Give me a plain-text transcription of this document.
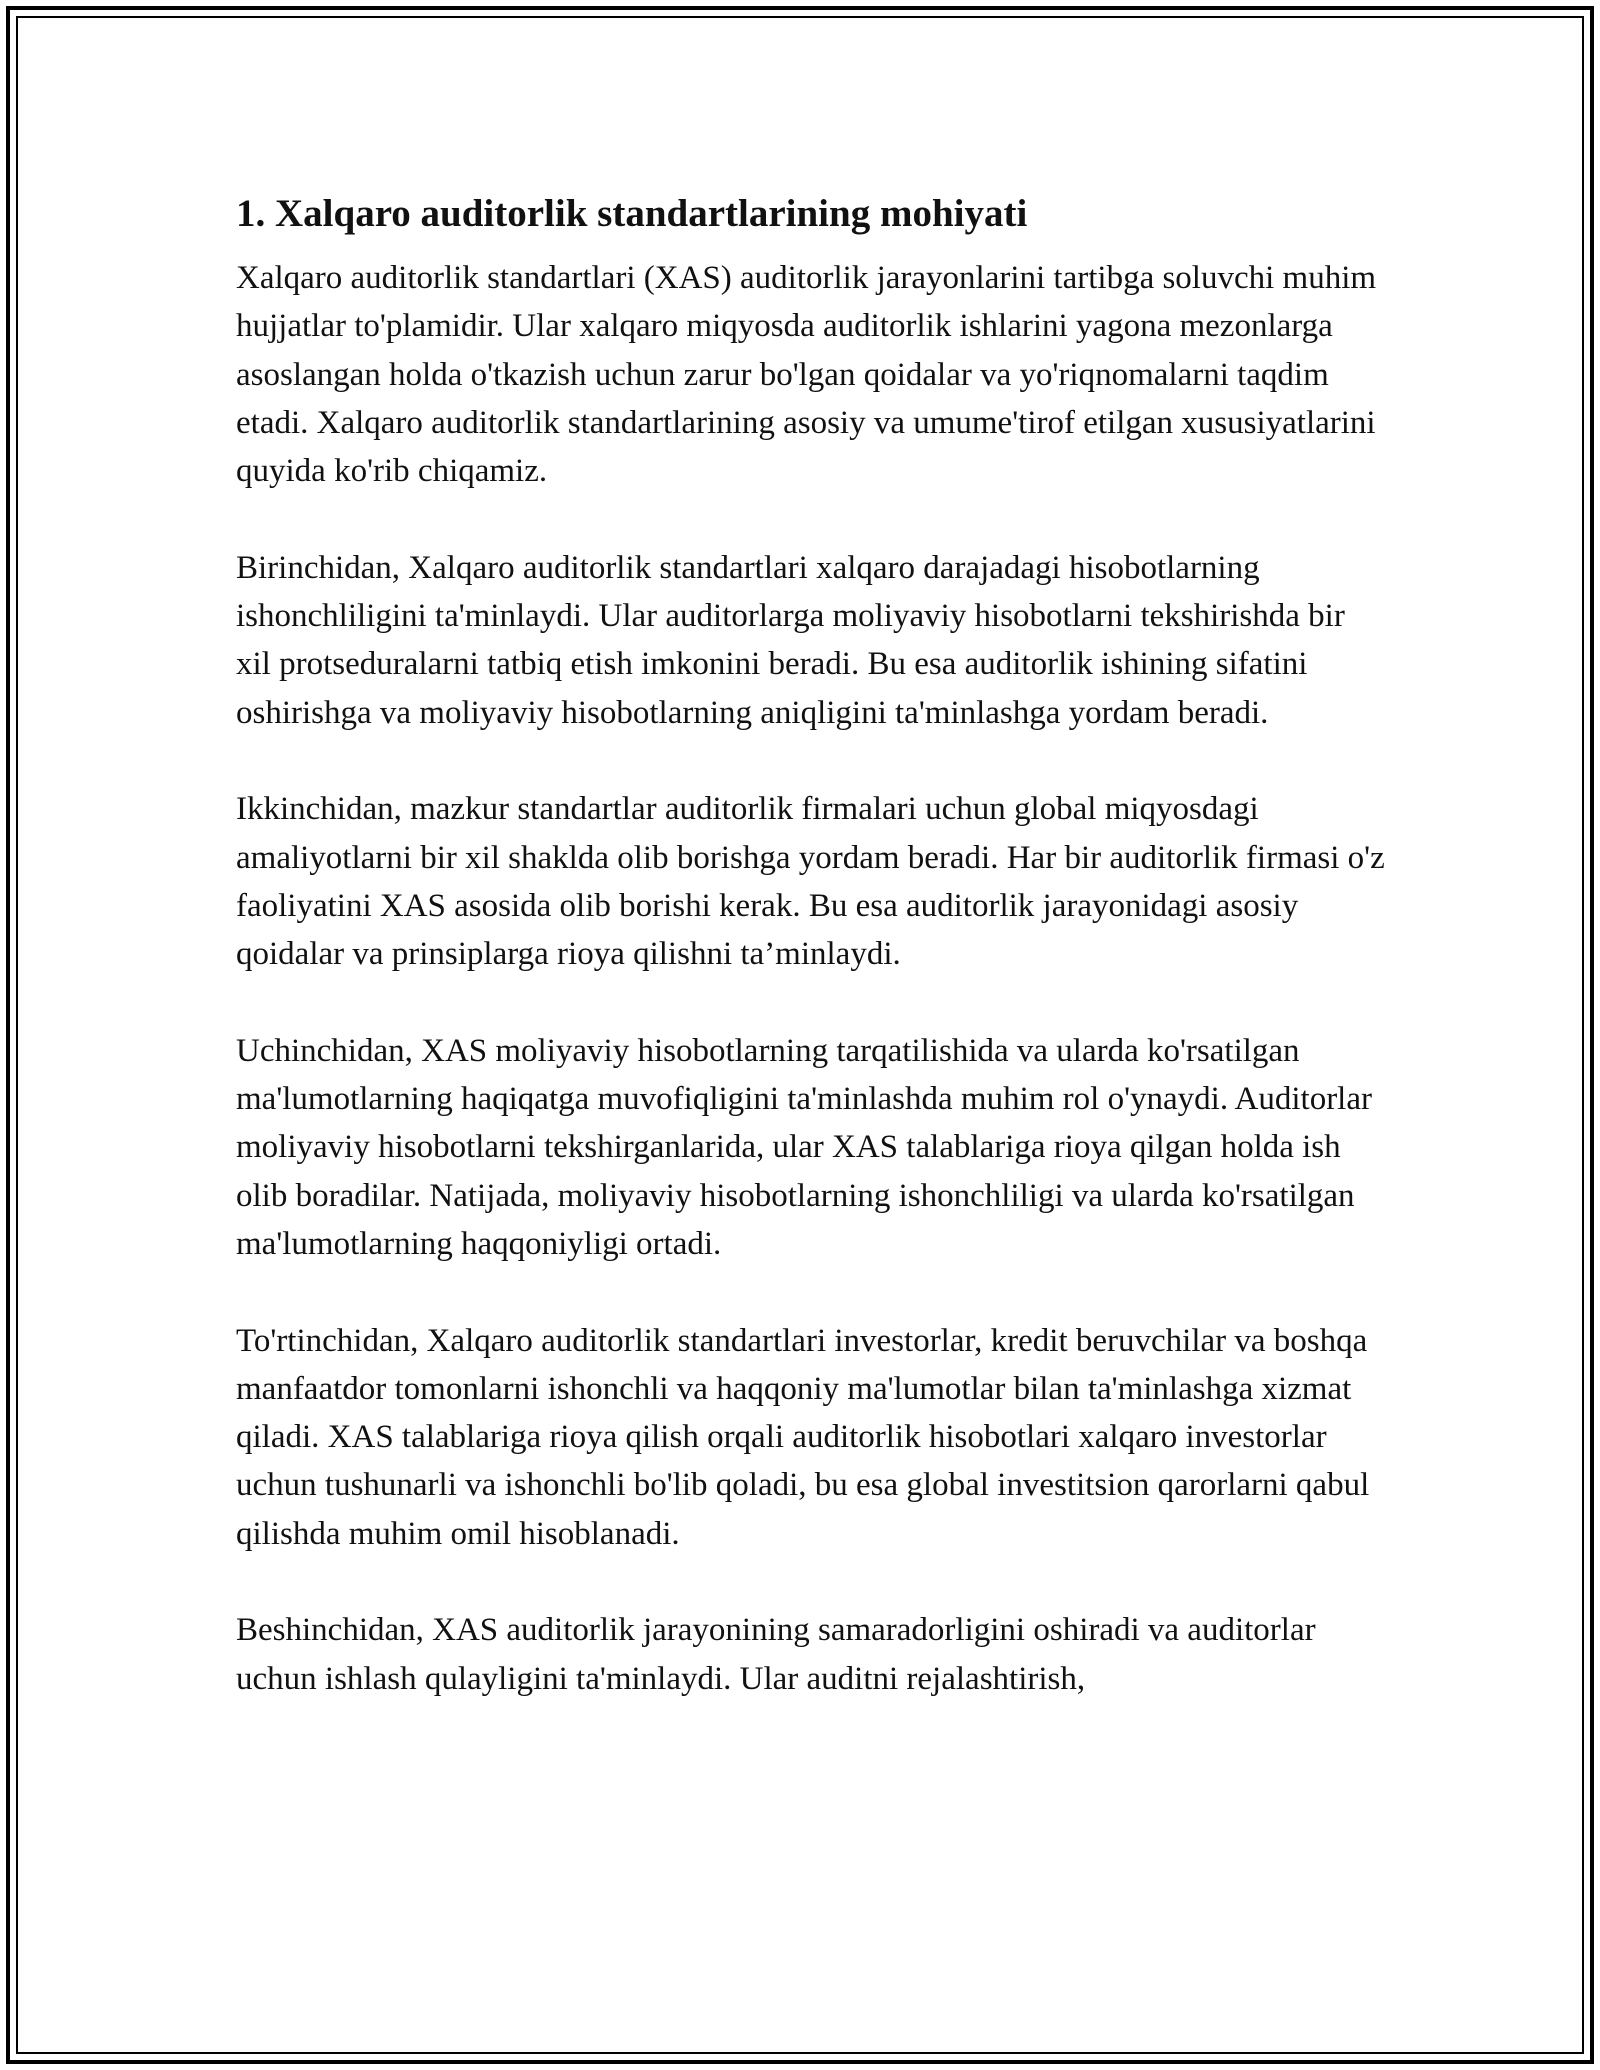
1. Xalqaro auditorlik standartlarining mohiyati

Xalqaro auditorlik standartlari (XAS) auditorlik jarayonlarini tartibga soluvchi muhim hujjatlar to'plamidir. Ular xalqaro miqyosda auditorlik ishlarini yagona mezonlarga asoslangan holda o'tkazish uchun zarur bo'lgan qoidalar va yo'riqnomalarni taqdim etadi. Xalqaro auditorlik standartlarining asosiy va umume'tirof etilgan xususiyatlarini quyida ko'rib chiqamiz.

Birinchidan, Xalqaro auditorlik standartlari xalqaro darajadagi hisobotlarning ishonchliligini ta'minlaydi. Ular auditorlarga moliyaviy hisobotlarni tekshirishda bir xil protseduralarni tatbiq etish imkonini beradi. Bu esa auditorlik ishining sifatini oshirishga va moliyaviy hisobotlarning aniqligini ta'minlashga yordam beradi.

Ikkinchidan, mazkur standartlar auditorlik firmalari uchun global miqyosdagi amaliyotlarni bir xil shakldа olib borishga yordam beradi. Har bir auditorlik firmasi o'z faoliyatini XAS asosida olib borishi kerak. Bu esa auditorlik jarayonidagi asosiy qoidalar va prinsiplarga rioya qilishni ta’minlaydi.

Uchinchidan, XAS moliyaviy hisobotlarning tarqatilishida va ularda ko'rsatilgan ma'lumotlarning haqiqatga muvofiqligini ta'minlashda muhim rol o'ynaydi. Auditorlar moliyaviy hisobotlarni tekshirganlarida, ular XAS talablariga rioya qilgan holda ish olib boradilar. Natijada, moliyaviy hisobotlarning ishonchliligi va ularda ko'rsatilgan ma'lumotlarning haqqoniyligi ortadi.

To'rtinchidan, Xalqaro auditorlik standartlari investorlar, kredit beruvchilar va boshqa manfaatdor tomonlarni ishonchli va haqqoniy ma'lumotlar bilan ta'minlashga xizmat qiladi. XAS talablariga rioya qilish orqali auditorlik hisobotlari xalqaro investorlar uchun tushunarli va ishonchli bo'lib qoladi, bu esa global investitsion qarorlarni qabul qilishda muhim omil hisoblanadi.

Beshinchidan, XAS auditorlik jarayonining samaradorligini oshiradi va auditorlar uchun ishlash qulayligini ta'minlaydi. Ular auditni rejalashtirish,
